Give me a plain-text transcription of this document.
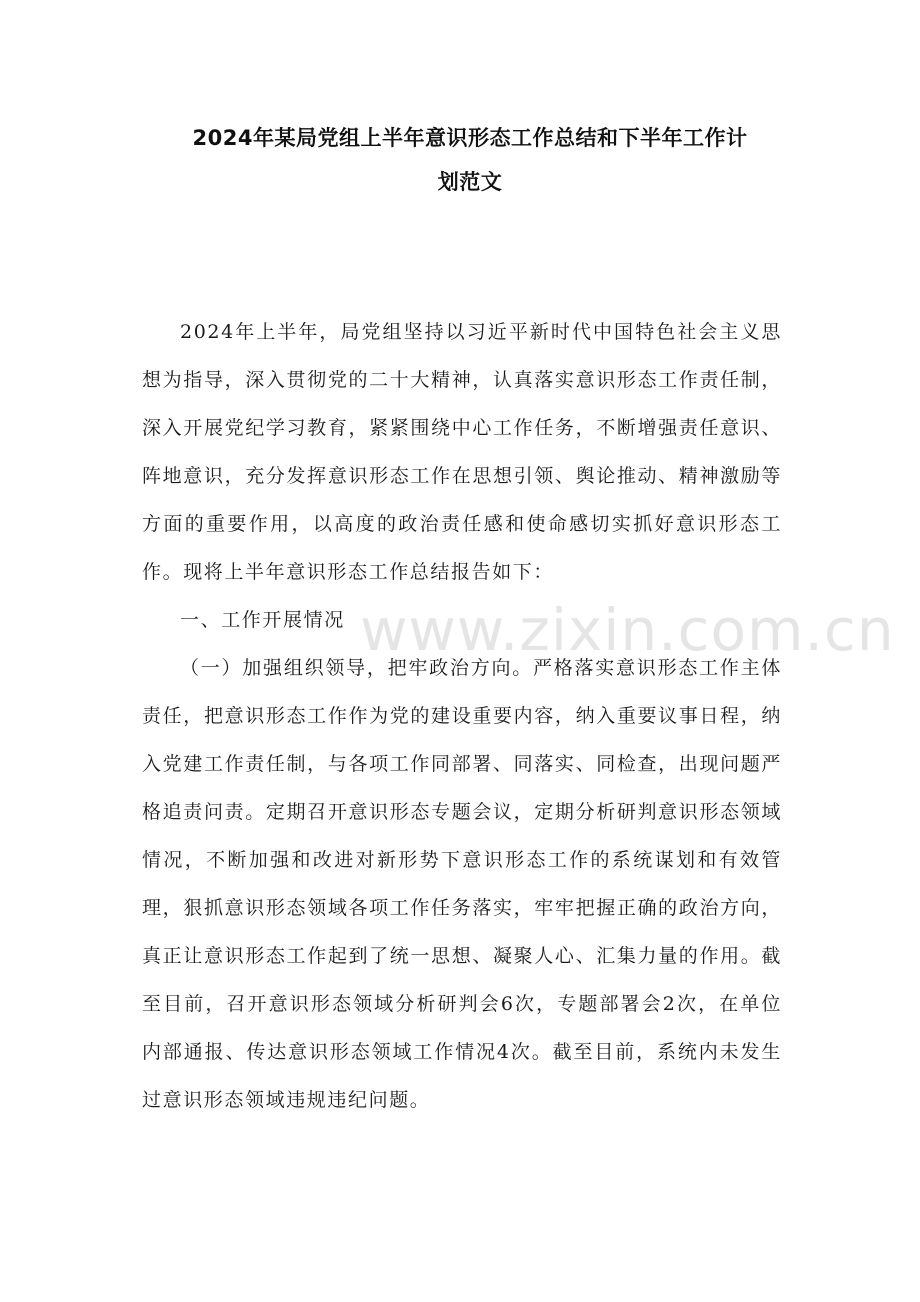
2024年某局党组上半年意识形态工作总结和下半年工作计
划范文

2024年上半年，局党组坚持以习近平新时代中国特色社会主义思想为指导，深入贯彻党的二十大精神，认真落实意识形态工作责任制，深入开展党纪学习教育，紧紧围绕中心工作任务，不断增强责任意识、阵地意识，充分发挥意识形态工作在思想引领、舆论推动、精神激励等方面的重要作用，以高度的政治责任感和使命感切实抓好意识形态工作。现将上半年意识形态工作总结报告如下：

一、工作开展情况

（一）加强组织领导，把牢政治方向。严格落实意识形态工作主体责任，把意识形态工作作为党的建设重要内容，纳入重要议事日程，纳入党建工作责任制，与各项工作同部署、同落实、同检查，出现问题严格追责问责。定期召开意识形态专题会议，定期分析研判意识形态领域情况，不断加强和改进对新形势下意识形态工作的系统谋划和有效管理，狠抓意识形态领域各项工作任务落实，牢牢把握正确的政治方向，真正让意识形态工作起到了统一思想、凝聚人心、汇集力量的作用。截至目前，召开意识形态领域分析研判会6次，专题部署会2次，在单位内部通报、传达意识形态领域工作情况4次。截至目前，系统内未发生过意识形态领域违规违纪问题。

www.zixin.com.cn
